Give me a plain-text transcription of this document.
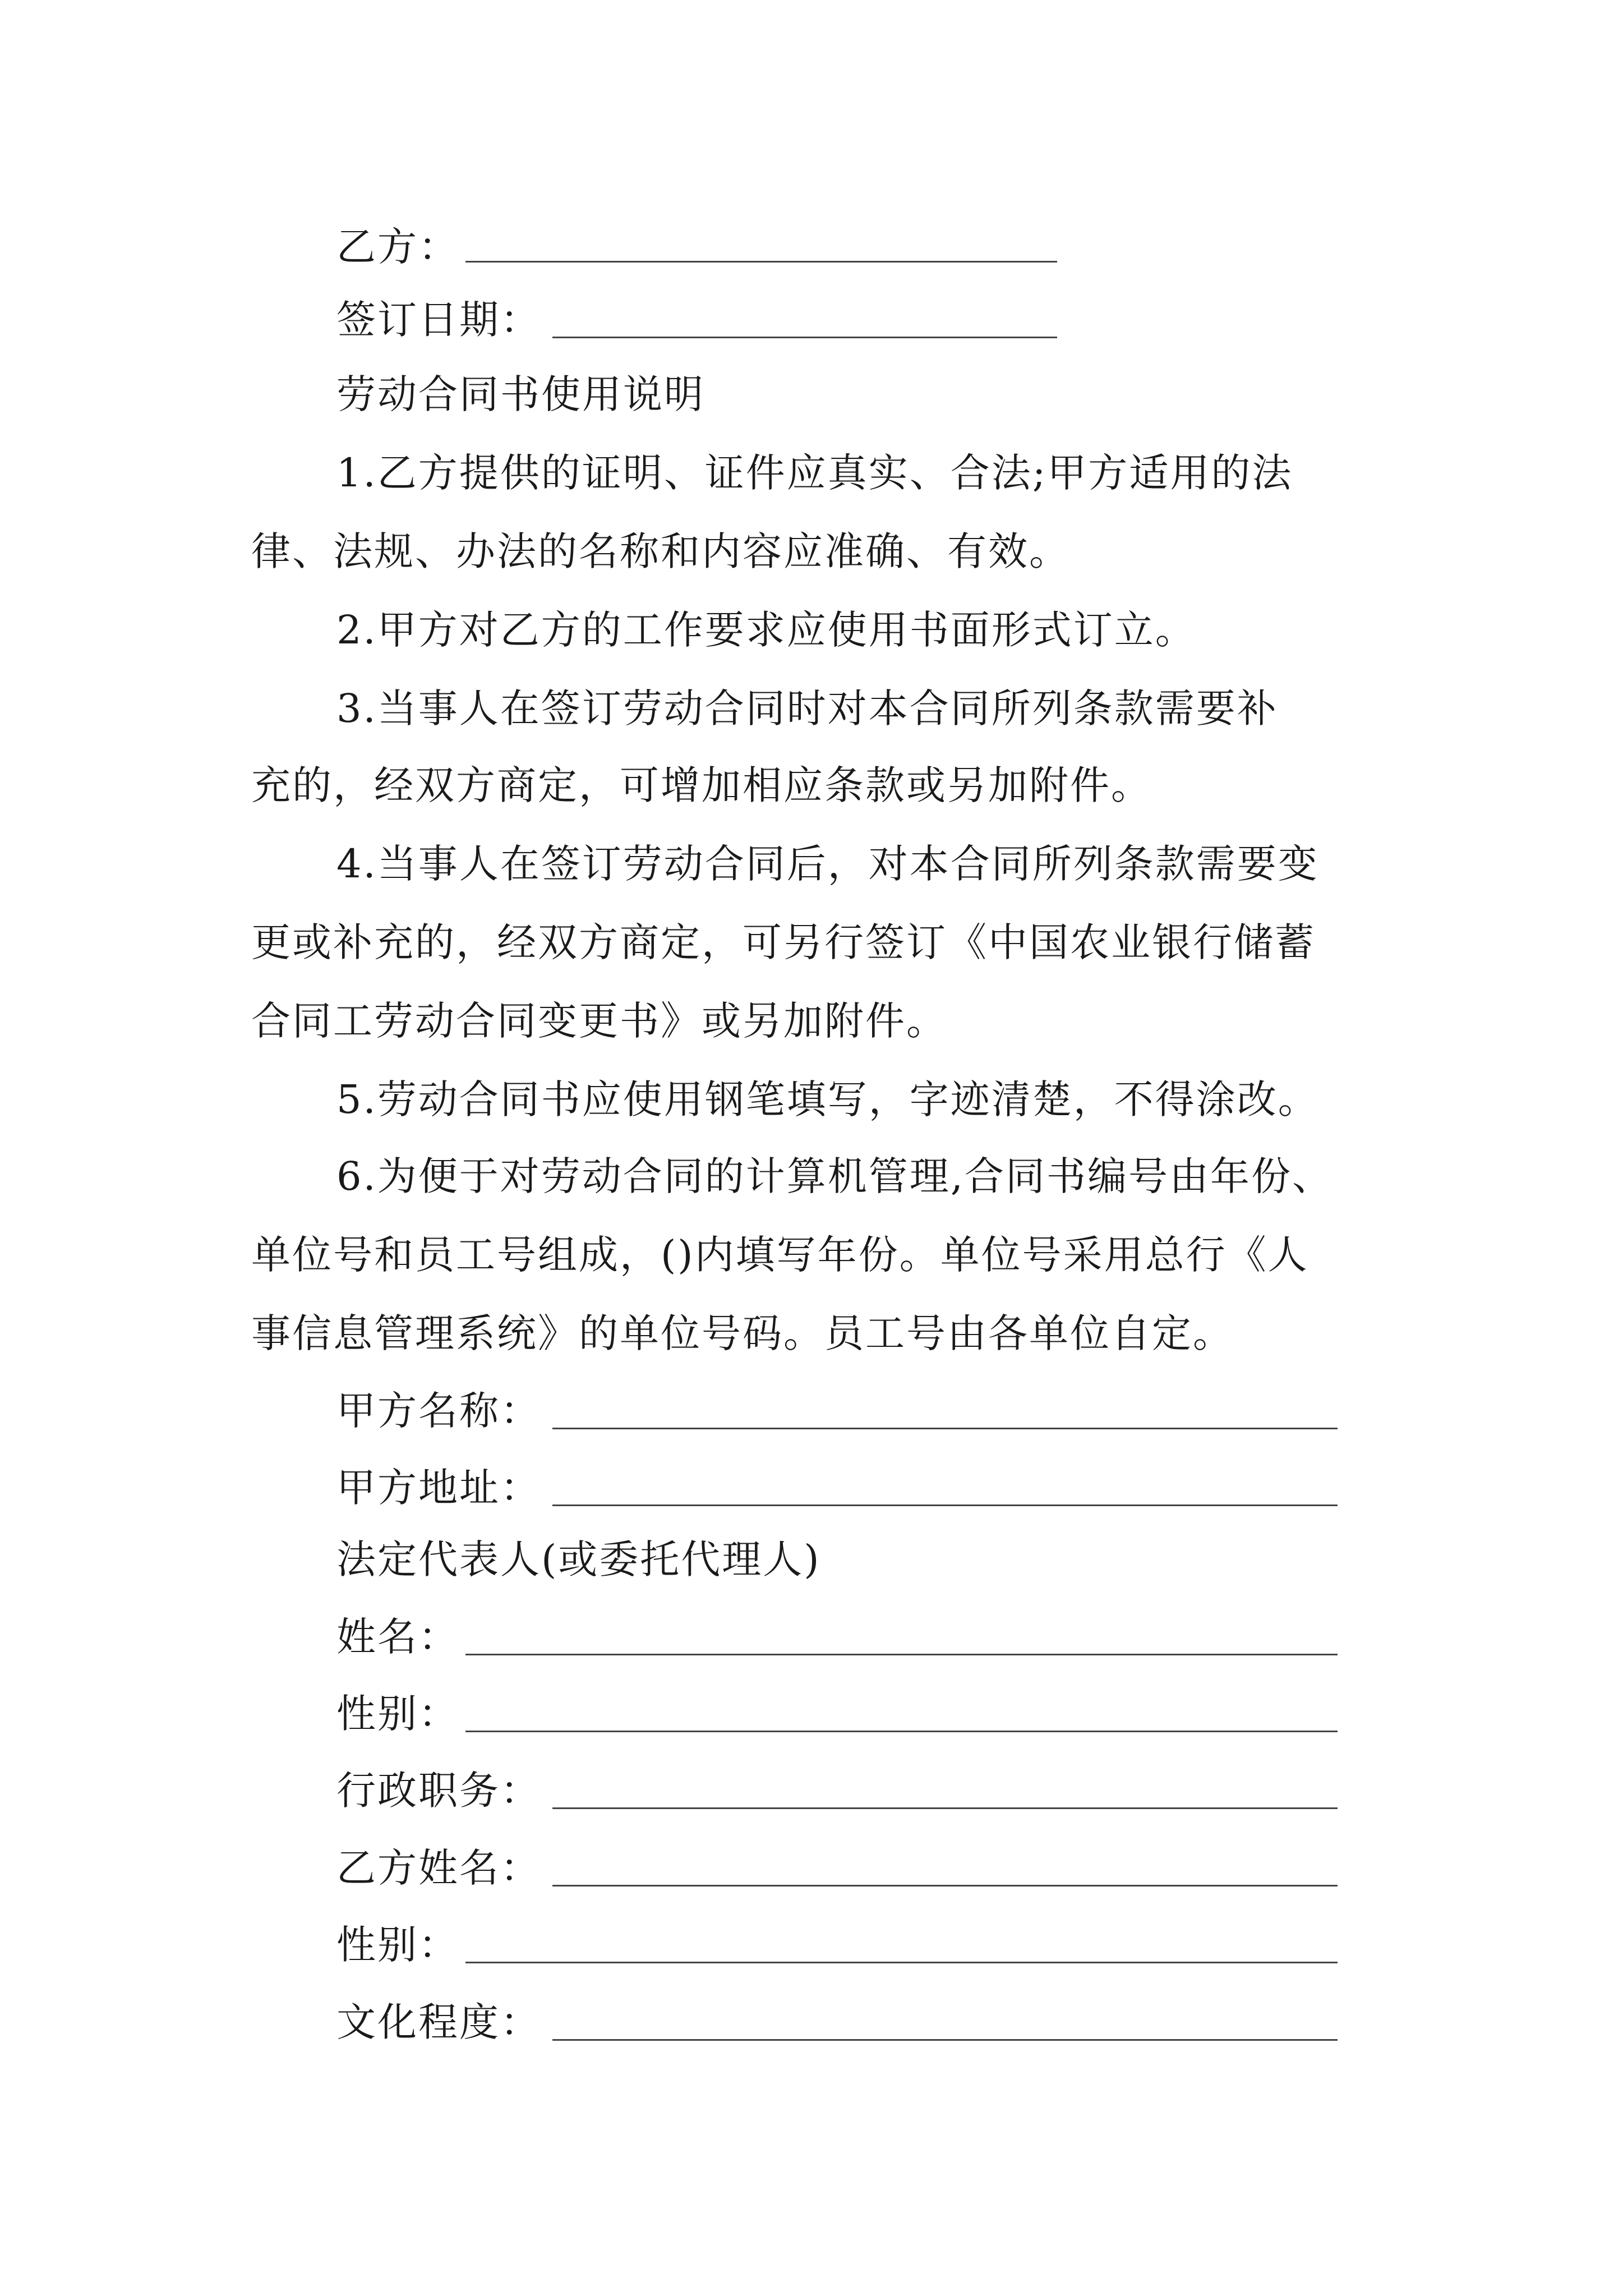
乙方：
签订日期：
劳动合同书使用说明
1.乙方提供的证明、证件应真实、合法;甲方适用的法
律、法规、办法的名称和内容应准确、有效。
2.甲方对乙方的工作要求应使用书面形式订立。
3.当事人在签订劳动合同时对本合同所列条款需要补
充的，经双方商定，可增加相应条款或另加附件。
4.当事人在签订劳动合同后，对本合同所列条款需要变
更或补充的，经双方商定，可另行签订《中国农业银行储蓄
合同工劳动合同变更书》或另加附件。
5.劳动合同书应使用钢笔填写，字迹清楚，不得涂改。
6.为便于对劳动合同的计算机管理,合同书编号由年份、
单位号和员工号组成，()内填写年份。单位号采用总行《人
事信息管理系统》的单位号码。员工号由各单位自定。
甲方名称：
甲方地址：
法定代表人(或委托代理人)
姓名：
性别：
行政职务：
乙方姓名：
性别：
文化程度：
